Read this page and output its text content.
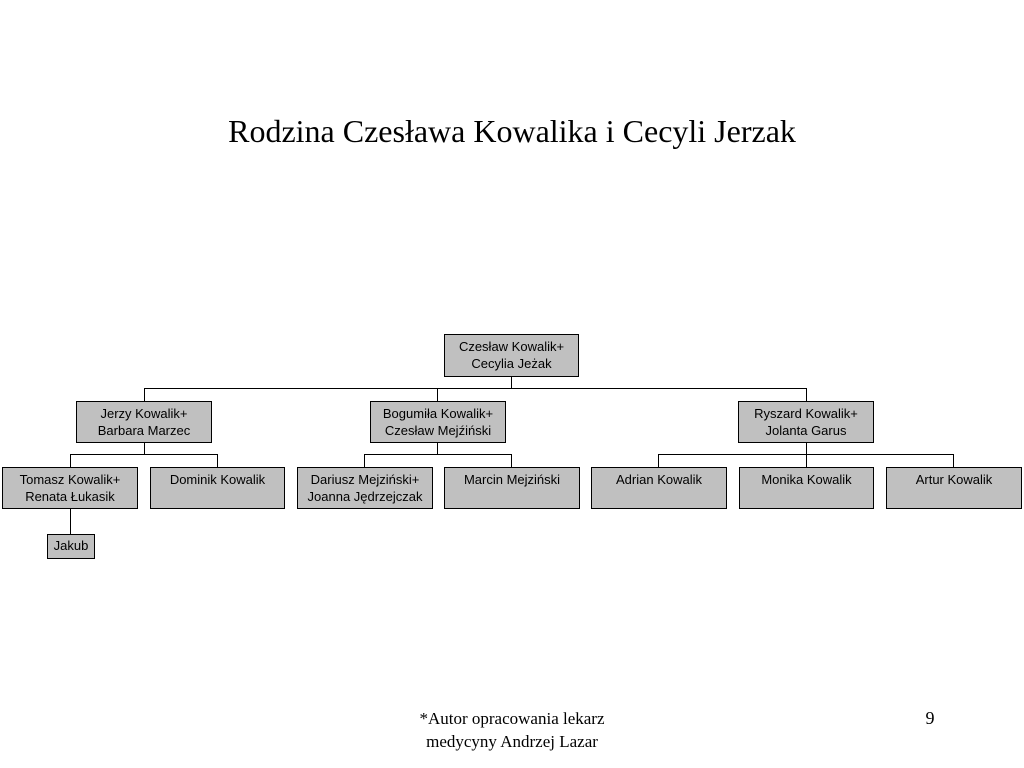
Rodzina Czesława Kowalika i Cecyli Jerzak
Czesław Kowalik+
Cecylia Jeżak
Jerzy Kowalik+
Barbara Marzec
Bogumiła Kowalik+
Czesław Mejźiński
Ryszard Kowalik+
Jolanta Garus
Tomasz Kowalik+
Renata Łukasik
Dominik Kowalik	Dariusz Mejziński+
Joanna Jędrzejczak
Marcin Mejziński	Adrian Kowalik	Monika Kowalik	Artur Kowalik
Jakub
*Autor opracowania lekarz
medycyny Andrzej Lazar
9
